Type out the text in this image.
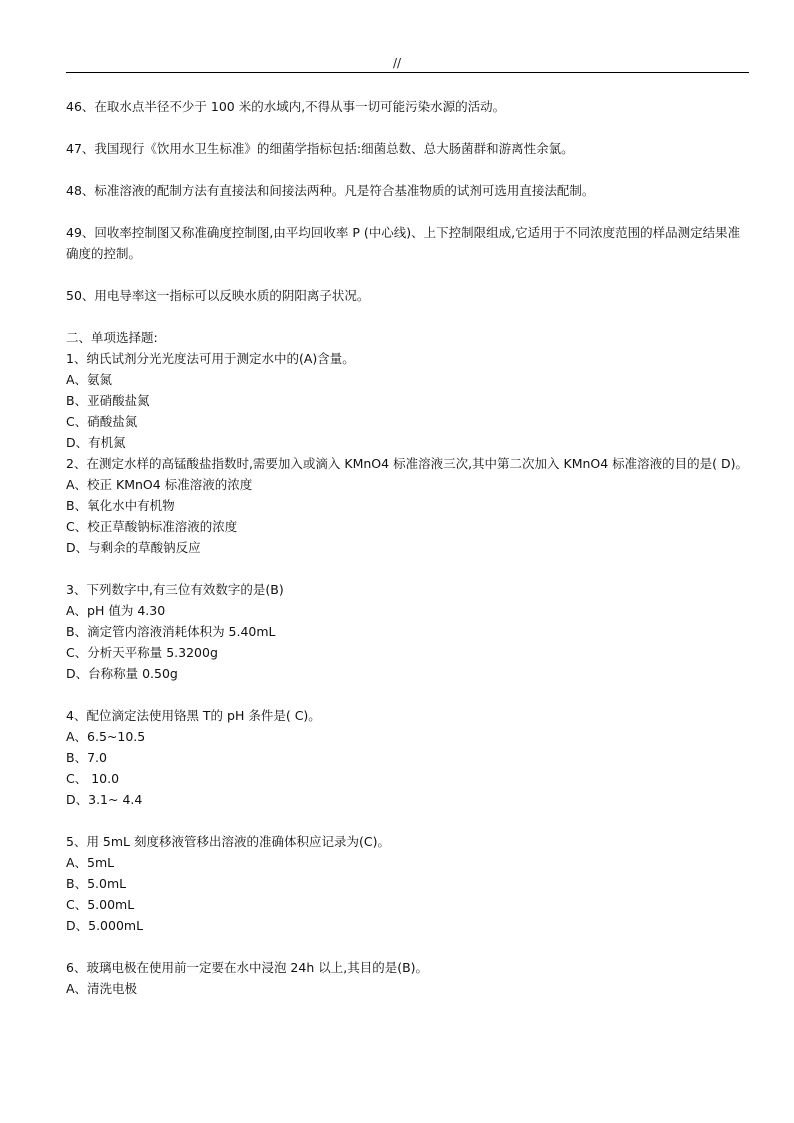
//

46、在取水点半径不少于 100 米的水域内,不得从事一切可能污染水源的活动。

47、我国现行《饮用水卫生标准》的细菌学指标包括:细菌总数、总大肠菌群和游离性余氯。

48、标准溶液的配制方法有直接法和间接法两种。凡是符合基准物质的试剂可选用直接法配制。

49、回收率控制图又称准确度控制图,由平均回收率 P (中心线)、上下控制限组成,它适用于不同浓度范围的样品测定结果准确度的控制。

50、用电导率这一指标可以反映水质的阴阳离子状况。

二、单项选择题:

1、纳氏试剂分光光度法可用于测定水中的(A)含量。

A、氨氮

B、亚硝酸盐氮

C、硝酸盐氮

D、有机氮

2、在测定水样的高锰酸盐指数时,需要加入或滴入 KMnO4 标准溶液三次,其中第二次加入 KMnO4 标准溶液的目的是( D)。

A、校正 KMnO4 标准溶液的浓度

B、氧化水中有机物

C、校正草酸钠标准溶液的浓度

D、与剩余的草酸钠反应

3、下列数字中,有三位有效数字的是(B)

A、pH 值为 4.30

B、滴定管内溶液消耗体积为 5.40mL

C、分析天平称量 5.3200g

D、台称称量 0.50g

4、配位滴定法使用铬黑 T的 pH 条件是( C)。

A、6.5~10.5

B、7.0

C、 10.0

D、3.1~ 4.4

5、用 5mL 刻度移液管移出溶液的准确体积应记录为(C)。

A、5mL

B、5.0mL

C、5.00mL

D、5.000mL

6、玻璃电极在使用前一定要在水中浸泡 24h 以上,其目的是(B)。

A、清洗电极
